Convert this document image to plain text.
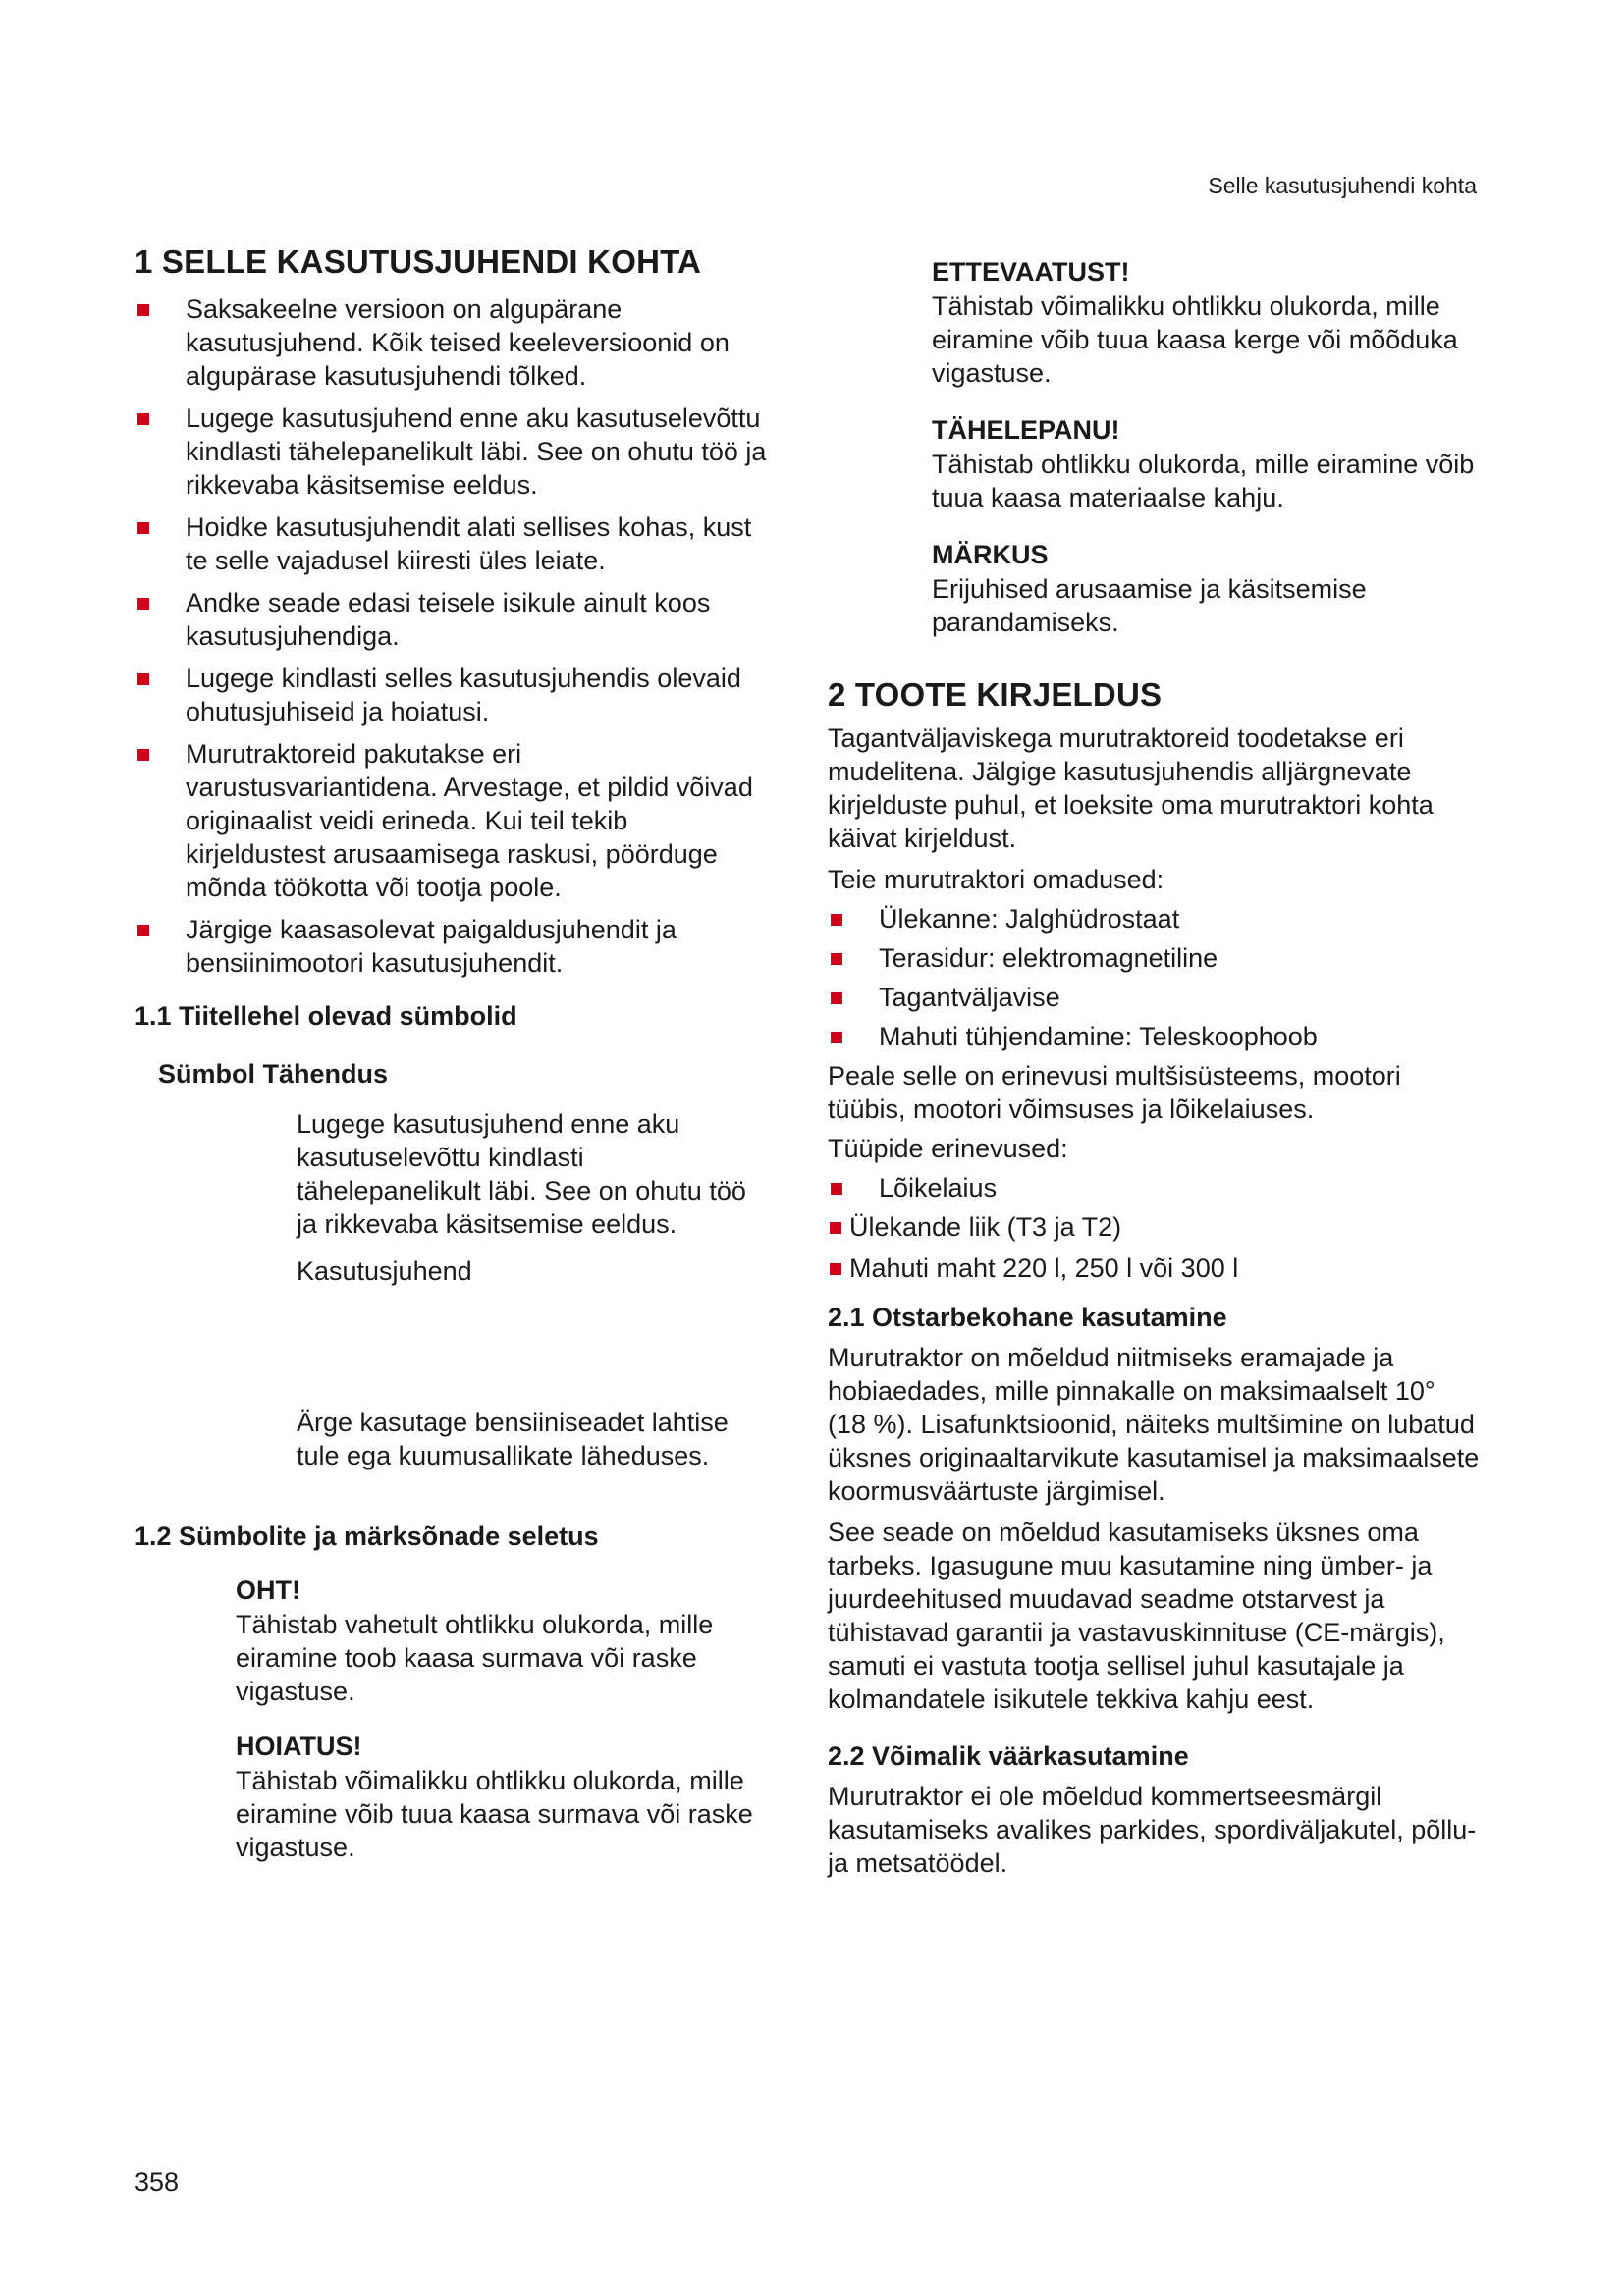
Selle kasutusjuhendi kohta
1 SELLE KASUTUSJUHENDI KOHTA
Saksakeelne versioon on algupärane kasutusjuhend. Kõik teised keeleversioonid on algupärase kasutusjuhendi tõlked.
Lugege kasutusjuhend enne aku kasutuselevõttu kindlasti tähelepanelikult läbi. See on ohutu töö ja rikkevaba käsitsemise eeldus.
Hoidke kasutusjuhendit alati sellises kohas, kust te selle vajadusel kiiresti üles leiate.
Andke seade edasi teisele isikule ainult koos kasutusjuhendiga.
Lugege kindlasti selles kasutusjuhendis olevaid ohutusjuhiseid ja hoiatusi.
Murutraktoreid pakutakse eri varustusvariantidena. Arvestage, et pildid võivad originaalist veidi erineda. Kui teil tekib kirjeldustest arusaamisega raskusi, pöörduge mõnda töökotta või tootja poole.
Järgige kaasasolevat paigaldusjuhendit ja bensiinimootori kasutusjuhendit.
1.1 Tiitellehel olevad sümbolid
Sümbol Tähendus

Lugege kasutusjuhend enne aku kasutuselevõttu kindlasti tähelepanelikult läbi. See on ohutu töö ja rikkevaba käsitsemise eeldus.

Kasutusjuhend

Ärge kasutage bensiiniseadet lahtise tule ega kuumusallikate läheduses.

1.2 Sümbolite ja märksõnade seletus
OHT!

Tähistab vahetult ohtlikku olukorda, mille eiramine toob kaasa surmava või raske vigastuse.

HOIATUS!

Tähistab võimalikku ohtlikku olukorda, mille eiramine võib tuua kaasa surmava või raske vigastuse.

ETTEVAATUST!

Tähistab võimalikku ohtlikku olukorda, mille eiramine võib tuua kaasa kerge või mõõduka vigastuse.

TÄHELEPANU!

Tähistab ohtlikku olukorda, mille eiramine võib tuua kaasa materiaalse kahju.

MÄRKUS

Erijuhised arusaamise ja käsitsemise parandamiseks.

2 TOOTE KIRJELDUS

Tagantväljaviskega murutraktoreid toodetakse eri mudelitena. Jälgige kasutusjuhendis alljärgnevate kirjelduste puhul, et loeksite oma murutraktori kohta käivat kirjeldust.

Teie murutraktori omadused:

Ülekanne: Jalghüdrostaat
Terasidur: elektromagnetiline
Tagantväljavise
Mahuti tühjendamine: Teleskoophoob

Peale selle on erinevusi multšisüsteems, mootori tüübis, mootori võimsuses ja lõikelaiuses.

Tüüpide erinevused:

Lõikelaius
Ülekande liik (T3 ja T2)
Mahuti maht 220 l, 250 l või 300 l
2.1 Otstarbekohane kasutamine

Murutraktor on mõeldud niitmiseks eramajade ja hobiaedades, mille pinnakalle on maksimaalselt 10° (18 %). Lisafunktsioonid, näiteks multšimine on lubatud üksnes originaaltarvikute kasutamisel ja maksimaalsete koormusväärtuste järgimisel.

See seade on mõeldud kasutamiseks üksnes oma tarbeks. Igasugune muu kasutamine ning ümber- ja juurdeehitused muudavad seadme otstarvest ja tühistavad garantii ja vastavuskinnituse (CE-märgis), samuti ei vastuta tootja sellisel juhul kasutajale ja kolmandatele isikutele tekkiva kahju eest.

2.2 Võimalik väärkasutamine

Murutraktor ei ole mõeldud kommertseesmärgil kasutamiseks avalikes parkides, spordiväljakutel, põllu- ja metsatöödel.

358
